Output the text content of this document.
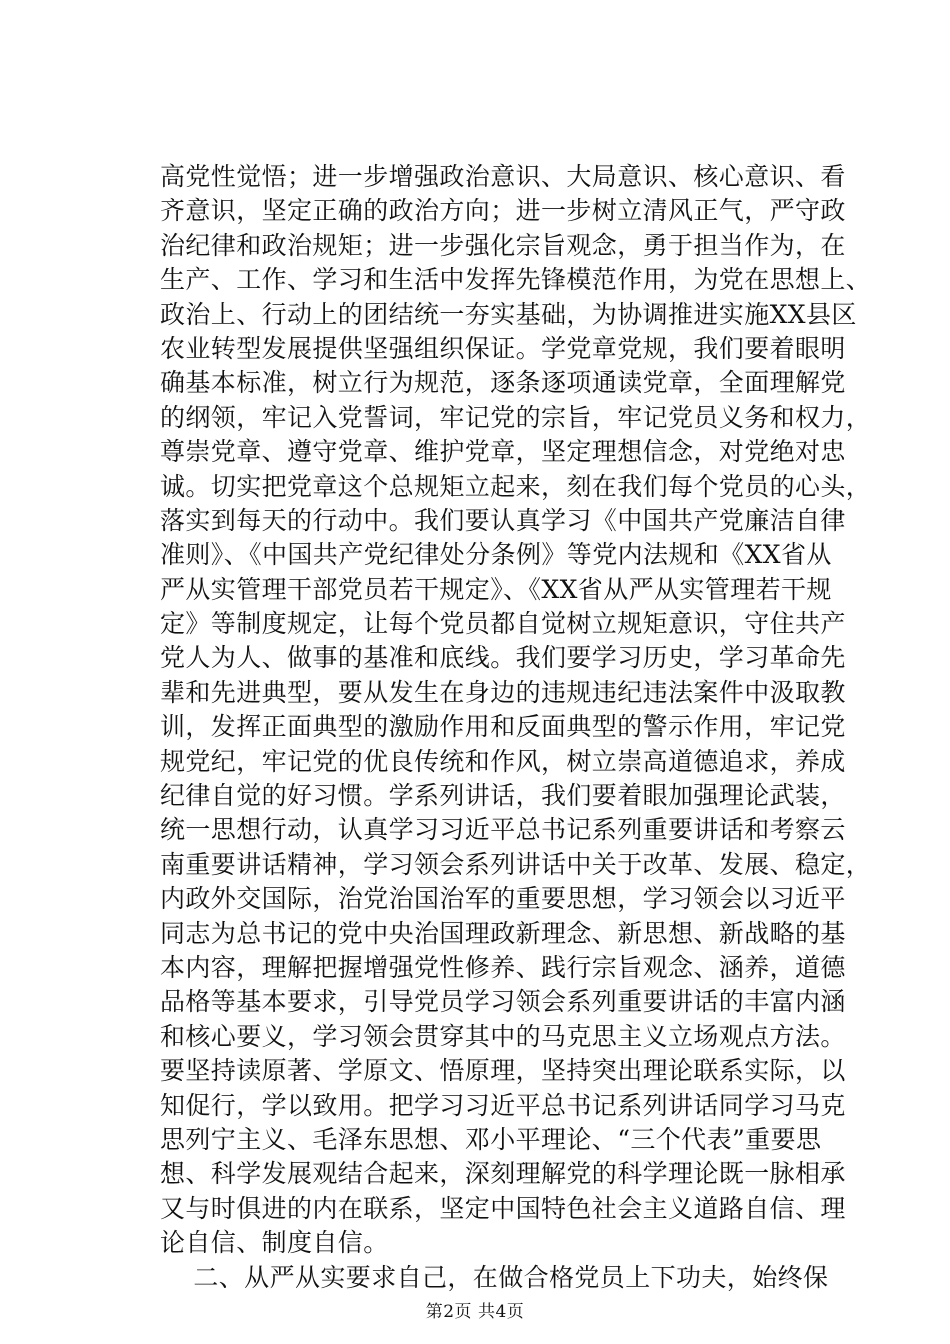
高党性觉悟；进一步增强政治意识、大局意识、核心意识、看
齐意识，坚定正确的政治方向；进一步树立清风正气，严守政
治纪律和政治规矩；进一步强化宗旨观念，勇于担当作为，在
生产、工作、学习和生活中发挥先锋模范作用，为党在思想上、
政治上、行动上的团结统一夯实基础，为协调推进实施XX县区
农业转型发展提供坚强组织保证。学党章党规，我们要着眼明
确基本标准，树立行为规范，逐条逐项通读党章，全面理解党
的纲领，牢记入党誓词，牢记党的宗旨，牢记党员义务和权力，
尊崇党章、遵守党章、维护党章，坚定理想信念，对党绝对忠
诚。切实把党章这个总规矩立起来，刻在我们每个党员的心头，
落实到每天的行动中。我们要认真学习《中国共产党廉洁自律
准则》、《中国共产党纪律处分条例》等党内法规和《XX省从
严从实管理干部党员若干规定》、《XX省从严从实管理若干规
定》等制度规定，让每个党员都自觉树立规矩意识，守住共产
党人为人、做事的基准和底线。我们要学习历史，学习革命先
辈和先进典型，要从发生在身边的违规违纪违法案件中汲取教
训，发挥正面典型的激励作用和反面典型的警示作用，牢记党
规党纪，牢记党的优良传统和作风，树立崇高道德追求，养成
纪律自觉的好习惯。学系列讲话，我们要着眼加强理论武装，
统一思想行动，认真学习习近平总书记系列重要讲话和考察云
南重要讲话精神，学习领会系列讲话中关于改革、发展、稳定，
内政外交国际，治党治国治军的重要思想，学习领会以习近平
同志为总书记的党中央治国理政新理念、新思想、新战略的基
本内容，理解把握增强党性修养、践行宗旨观念、涵养，道德
品格等基本要求，引导党员学习领会系列重要讲话的丰富内涵
和核心要义，学习领会贯穿其中的马克思主义立场观点方法。
要坚持读原著、学原文、悟原理，坚持突出理论联系实际，以
知促行，学以致用。把学习习近平总书记系列讲话同学习马克
思列宁主义、毛泽东思想、邓小平理论、“三个代表”重要思
想、科学发展观结合起来，深刻理解党的科学理论既一脉相承
又与时俱进的内在联系，坚定中国特色社会主义道路自信、理
论自信、制度自信。
二、从严从实要求自己，在做合格党员上下功夫，始终保
第2页 共4页
